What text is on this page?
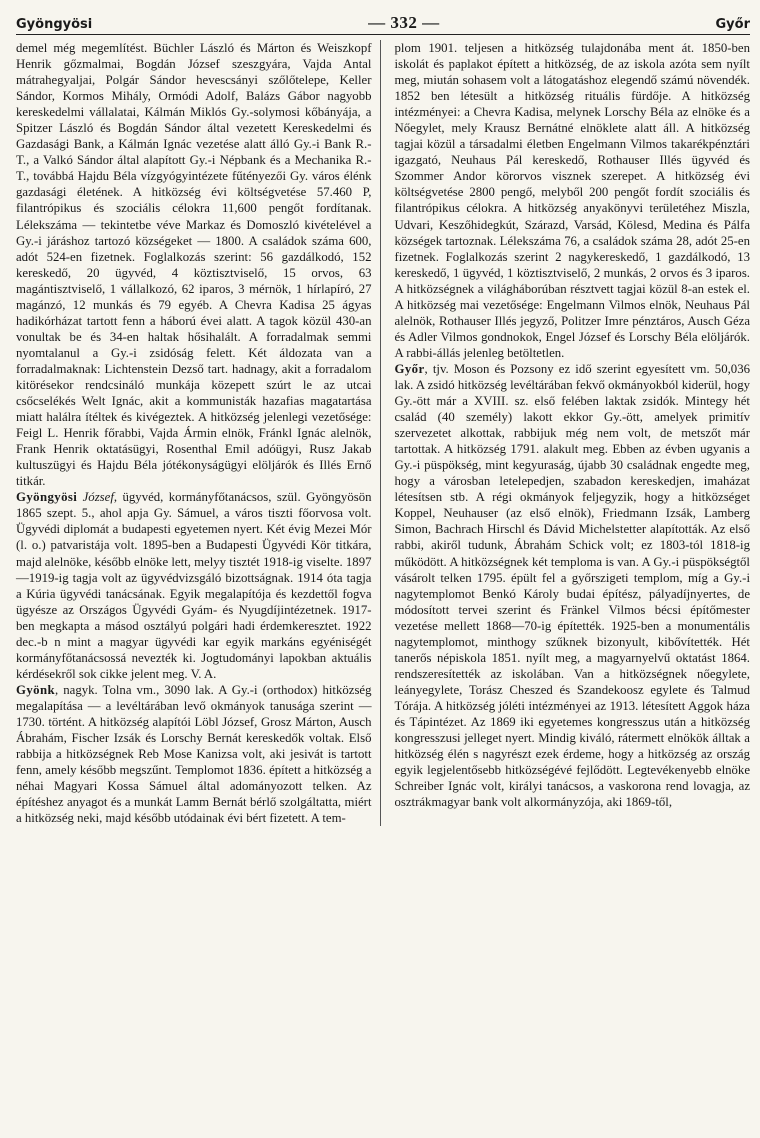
Gyöngyösi	— 332 —	Győr

demel még megemlítést. Büchler László és Márton és Weiszkopf Henrik gőzmalmai, Bogdán József szeszgyára, Vajda Antal mátrahegyaljai, Polgár Sándor hevescsányi szőlőtelepe, Keller Sándor, Kormos Mihály, Ormódi Adolf, Balázs Gábor nagyobb kereskedelmi vállalatai, Kálmán Miklós Gy.-solymosi kőbányája, a Spitzer László és Bogdán Sándor által vezetett Kereskedelmi és Gazdasági Bank, a Kálmán Ignác vezetése alatt álló Gy.-i Bank R.-T., a Valkó Sándor által alapított Gy.-i Népbank és a Mechanika R.-T., továbbá Hajdu Béla vízgyógyintézete fűtényezői Gy. város élénk gazdasági életének. A hitközség évi költségvetése 57.460 P, filantrópikus és szociális célokra 11,600 pengőt fordítanak. Lélekszáma — tekintetbe véve Markaz és Domoszló kivételével a Gy.-i járáshoz tartozó községeket — 1800. A családok száma 600, adót 524-en fizetnek. Foglalkozás szerint: 56 gazdálkodó, 152 kereskedő, 20 ügyvéd, 4 köztisztviselő, 15 orvos, 63 magántisztviselő, 1 vállalkozó, 62 iparos, 3 mérnök, 1 hírlapíró, 27 magánzó, 12 munkás és 79 egyéb. A Chevra Kadisa 25 ágyas hadikórházat tartott fenn a háború évei alatt. A tagok közül 430-an vonultak be és 34-en haltak hősihalált. A forradalmak semmi nyomtalanul a Gy.-i zsidóság felett. Két áldozata van a forradalmaknak: Lichtenstein Dezső tart. hadnagy, akit a forradalom kitörésekor rendcsináló munkája közepett szúrt le az utcai csőcselékés Welt Ignác, akit a kommunisták hazafias magatartása miatt halálra ítéltek és kivégeztek. A hitközség jelenlegi vezetősége: Feigl L. Henrik főrabbi, Vajda Ármin elnök, Fránkl Ignác alelnök, Frank Henrik oktatásügyi, Rosenthal Emil adóügyi, Rusz Jakab kultuszügyi és Hajdu Béla jótékonyságügyi elöljárók és Illés Ernő titkár.

Gyöngyösi József, ügyvéd, kormányfőtanácsos, szül. Gyöngyösön 1865 szept. 5., ahol apja Gy. Sámuel, a város tiszti főorvosa volt. Ügyvédi diplomát a budapesti egyetemen nyert. Két évig Mezei Mór (l. o.) patvaristája volt. 1895-ben a Budapesti Ügyvédi Kör titkára, majd alelnöke, később elnöke lett, melyy tisztét 1918-ig viselte. 1897—1919-ig tagja volt az ügyvédvizsgáló bizottságnak. 1914 óta tagja a Kúria ügyvédi tanácsának. Egyik megalapítója és kezdettől fogva ügyésze az Országos Ügyvédi Gyám- és Nyugdíjintézetnek. 1917-ben megkapta a másod osztályú polgári hadi érdemkeresztet. 1922 dec.-b n mint a magyar ügyvédi kar egyik markáns egyéniségét kormányfőtanácsossá nevezték ki. Jogtudományi lapokban aktuális kérdésekről sok cikke jelent meg. V. A.

Gyönk, nagyk. Tolna vm., 3090 lak. A Gy.-i (orthodox) hitközség megalapítása — a levéltárában levő okmányok tanusága szerint — 1730. történt. A hitközség alapítói Löbl József, Grosz Márton, Ausch Ábrahám, Fischer Izsák és Lorschy Bernát kereskedők voltak. Első rabbija a hitközségnek Reb Mose Kanizsa volt, aki jesivát is tartott fenn, amely később megszűnt. Templomot 1836. épített a hitközség a néhai Magyari Kossa Sámuel által adományozott telken. Az építéshez anyagot és a munkát Lamm Bernát bérlő szolgáltatta, miért a hitközség neki, majd később utódainak évi bért fizetett. A tem-

plom 1901. teljesen a hitközség tulajdonába ment át. 1850-ben iskolát és paplakot épített a hitközség, de az iskola azóta sem nyílt meg, miután sohasem volt a látogatáshoz elegendő számú növendék. 1852 ben létesült a hitközség rituális fürdője. A hitközség intézményei: a Chevra Kadisa, melynek Lorschy Béla az elnöke és a Nőegylet, mely Krausz Bernátné elnöklete alatt áll. A hitközség tagjai közül a társadalmi életben Engelmann Vilmos takarékpénztári igazgató, Neuhaus Pál kereskedő, Rothauser Illés ügyvéd és Szommer Andor körorvos visznek szerepet. A hitközség évi költségvetése 2800 pengő, melyből 200 pengőt fordít szociális és filantrópikus célokra. A hitközség anyakönyvi területéhez Miszla, Udvari, Keszőhidegkút, Szárazd, Varsád, Kölesd, Medina és Pálfa községek tartoznak. Lélekszáma 76, a családok száma 28, adót 25-en fizetnek. Foglalkozás szerint 2 nagykereskedő, 1 gazdálkodó, 13 kereskedő, 1 ügyvéd, 1 köztisztviselő, 2 munkás, 2 orvos és 3 iparos. A hitközségnek a világháborúban résztvett tagjai közül 8-an estek el. A hitközség mai vezetősége: Engelmann Vilmos elnök, Neuhaus Pál alelnök, Rothauser Illés jegyző, Politzer Imre pénztáros, Ausch Géza és Adler Vilmos gondnokok, Engel József és Lorschy Béla elöljárók. A rabbi-állás jelenleg betöltetlen.

Győr, tjv. Moson és Pozsony ez idő szerint egyesített vm. 50,036 lak. A zsidó hitközség levéltárában fekvő okmányokból kiderül, hogy Gy.-ött már a XVIII. sz. első felében laktak zsidók. Mintegy hét család (40 személy) lakott ekkor Gy.-ött, amelyek primitív szervezetet alkottak, rabbijuk még nem volt, de metszőt már tartottak. A hitközség 1791. alakult meg. Ebben az évben ugyanis a Gy.-i püspökség, mint kegyuraság, újabb 30 családnak engedte meg, hogy a városban letelepedjen, szabadon kereskedjen, imaházat létesítsen stb. A régi okmányok feljegyzik, hogy a hitközséget Koppel, Neuhauser (az első elnök), Friedmann Izsák, Lamberg Simon, Bachrach Hirschl és Dávid Michelstetter alapították. Az első rabbi, akiről tudunk, Ábrahám Schick volt; ez 1803-tól 1818-ig működött. A hitközségnek két temploma is van. A Gy.-i püspökségtől vásárolt telken 1795. épült fel a győrszigeti templom, míg a Gy.-i nagytemplomot Benkó Károly budai építész, pályadíjnyertes, de módosított tervei szerint és Fränkel Vilmos bécsi építőmester vezetése mellett 1868—70-ig építették. 1925-ben a monumentális nagytemplomot, minthogy szűknek bizonyult, kibővítették. Hét tanerős népiskola 1851. nyílt meg, a magyarnyelvű oktatást 1864. rendszeresítették az iskolában. Van a hitközségnek nőegylete, leányegylete, Torász Cheszed és Szandekoosz egylete és Talmud Tórája. A hitközség jóléti intézményei az 1913. létesített Aggok háza és Tápintézet. Az 1869 iki egyetemes kongresszus után a hitközség kongresszusi jelleget nyert. Mindig kiváló, rátermett elnökök álltak a hitközség élén s nagyrészt ezek érdeme, hogy a hitközség az ország egyik legjelentősebb hitközségévé fejlődött. Legtevékenyebb elnöke Schreiber Ignác volt, királyi tanácsos, a vaskorona rend lovagja, az osztrákmagyar bank volt alkormányzója, aki 1869-től,
